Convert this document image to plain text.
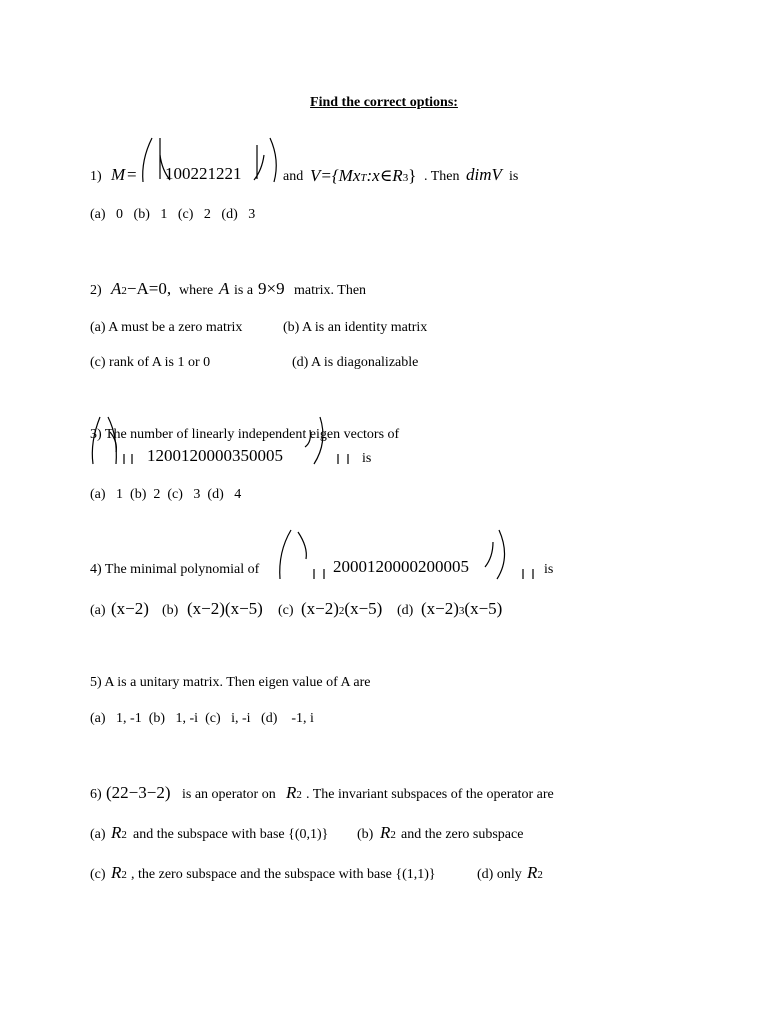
Find the correct options:
1) M = 100221221	and V={MxT:x∈R3} . Then dimV is
(a)   0   (b)   1   (c)   2   (d)   3
2) A2−A=0, where A is a 9×9 matrix. Then
(a) A must be a zero matrix	(b) A is an identity matrix
(c) rank of A is 1 or 0	(d) A is diagonalizable
3) The number of linearly independent eigen vectors of
1200120000350005	is
(a)   1  (b)  2  (c)   3  (d)   4
4) The minimal polynomial of	2000120000200005	is
(a) (x−2) (b) (x−2)(x−5) (c) (x−2)2(x−5) (d) (x−2)3(x−5)
5) A is a unitary matrix. Then eigen value of A are
(a)   1, -1  (b)   1, -i  (c)   i, -i   (d)    -1, i
6) (22−3−2) is an operator on R2 . The invariant subspaces of the operator are
(a) R2 and the subspace with base {(0,1)} (b) R2 and the zero subspace
(c) R2 , the zero subspace and the subspace with base {(1,1)}	(d) only R2
